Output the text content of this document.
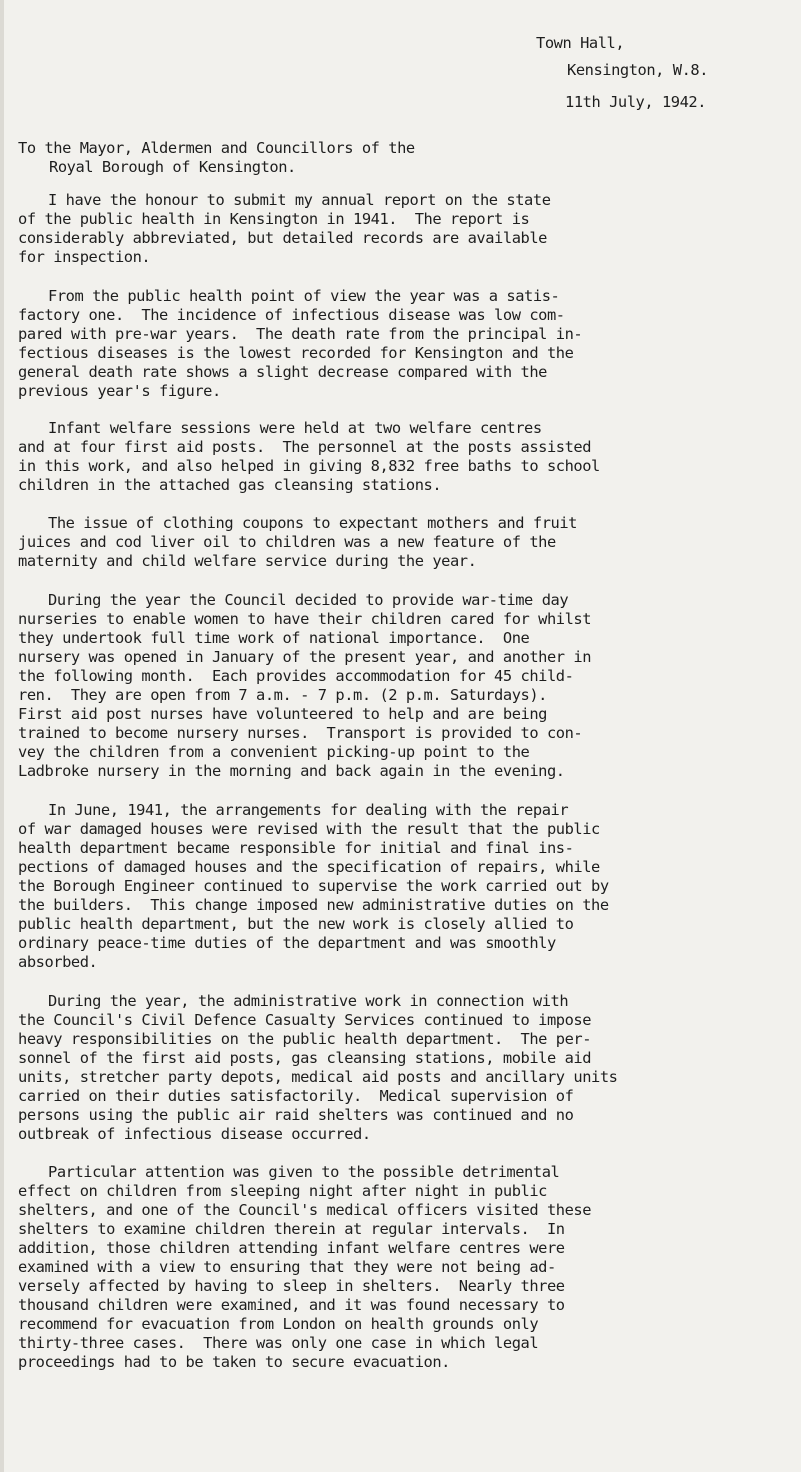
Town Hall,
Kensington, W.8.
11th July, 1942.
To the Mayor, Aldermen and Councillors of the
Royal Borough of Kensington.
I have the honour to submit my annual report on the state
of the public health in Kensington in 1941.  The report is
considerably abbreviated, but detailed records are available
for inspection.
From the public health point of view the year was a satis-
factory one.  The incidence of infectious disease was low com-
pared with pre-war years.  The death rate from the principal in-
fectious diseases is the lowest recorded for Kensington and the
general death rate shows a slight decrease compared with the
previous year's figure.
Infant welfare sessions were held at two welfare centres
and at four first aid posts.  The personnel at the posts assisted
in this work, and also helped in giving 8,832 free baths to school
children in the attached gas cleansing stations.
The issue of clothing coupons to expectant mothers and fruit
juices and cod liver oil to children was a new feature of the
maternity and child welfare service during the year.
During the year the Council decided to provide war-time day
nurseries to enable women to have their children cared for whilst
they undertook full time work of national importance.  One
nursery was opened in January of the present year, and another in
the following month.  Each provides accommodation for 45 child-
ren.  They are open from 7 a.m. - 7 p.m. (2 p.m. Saturdays).
First aid post nurses have volunteered to help and are being
trained to become nursery nurses.  Transport is provided to con-
vey the children from a convenient picking-up point to the
Ladbroke nursery in the morning and back again in the evening.
In June, 1941, the arrangements for dealing with the repair
of war damaged houses were revised with the result that the public
health department became responsible for initial and final ins-
pections of damaged houses and the specification of repairs, while
the Borough Engineer continued to supervise the work carried out by
the builders.  This change imposed new administrative duties on the
public health department, but the new work is closely allied to
ordinary peace-time duties of the department and was smoothly
absorbed.
During the year, the administrative work in connection with
the Council's Civil Defence Casualty Services continued to impose
heavy responsibilities on the public health department.  The per-
sonnel of the first aid posts, gas cleansing stations, mobile aid
units, stretcher party depots, medical aid posts and ancillary units
carried on their duties satisfactorily.  Medical supervision of
persons using the public air raid shelters was continued and no
outbreak of infectious disease occurred.
Particular attention was given to the possible detrimental
effect on children from sleeping night after night in public
shelters, and one of the Council's medical officers visited these
shelters to examine children therein at regular intervals.  In
addition, those children attending infant welfare centres were
examined with a view to ensuring that they were not being ad-
versely affected by having to sleep in shelters.  Nearly three
thousand children were examined, and it was found necessary to
recommend for evacuation from London on health grounds only
thirty-three cases.  There was only one case in which legal
proceedings had to be taken to secure evacuation.
